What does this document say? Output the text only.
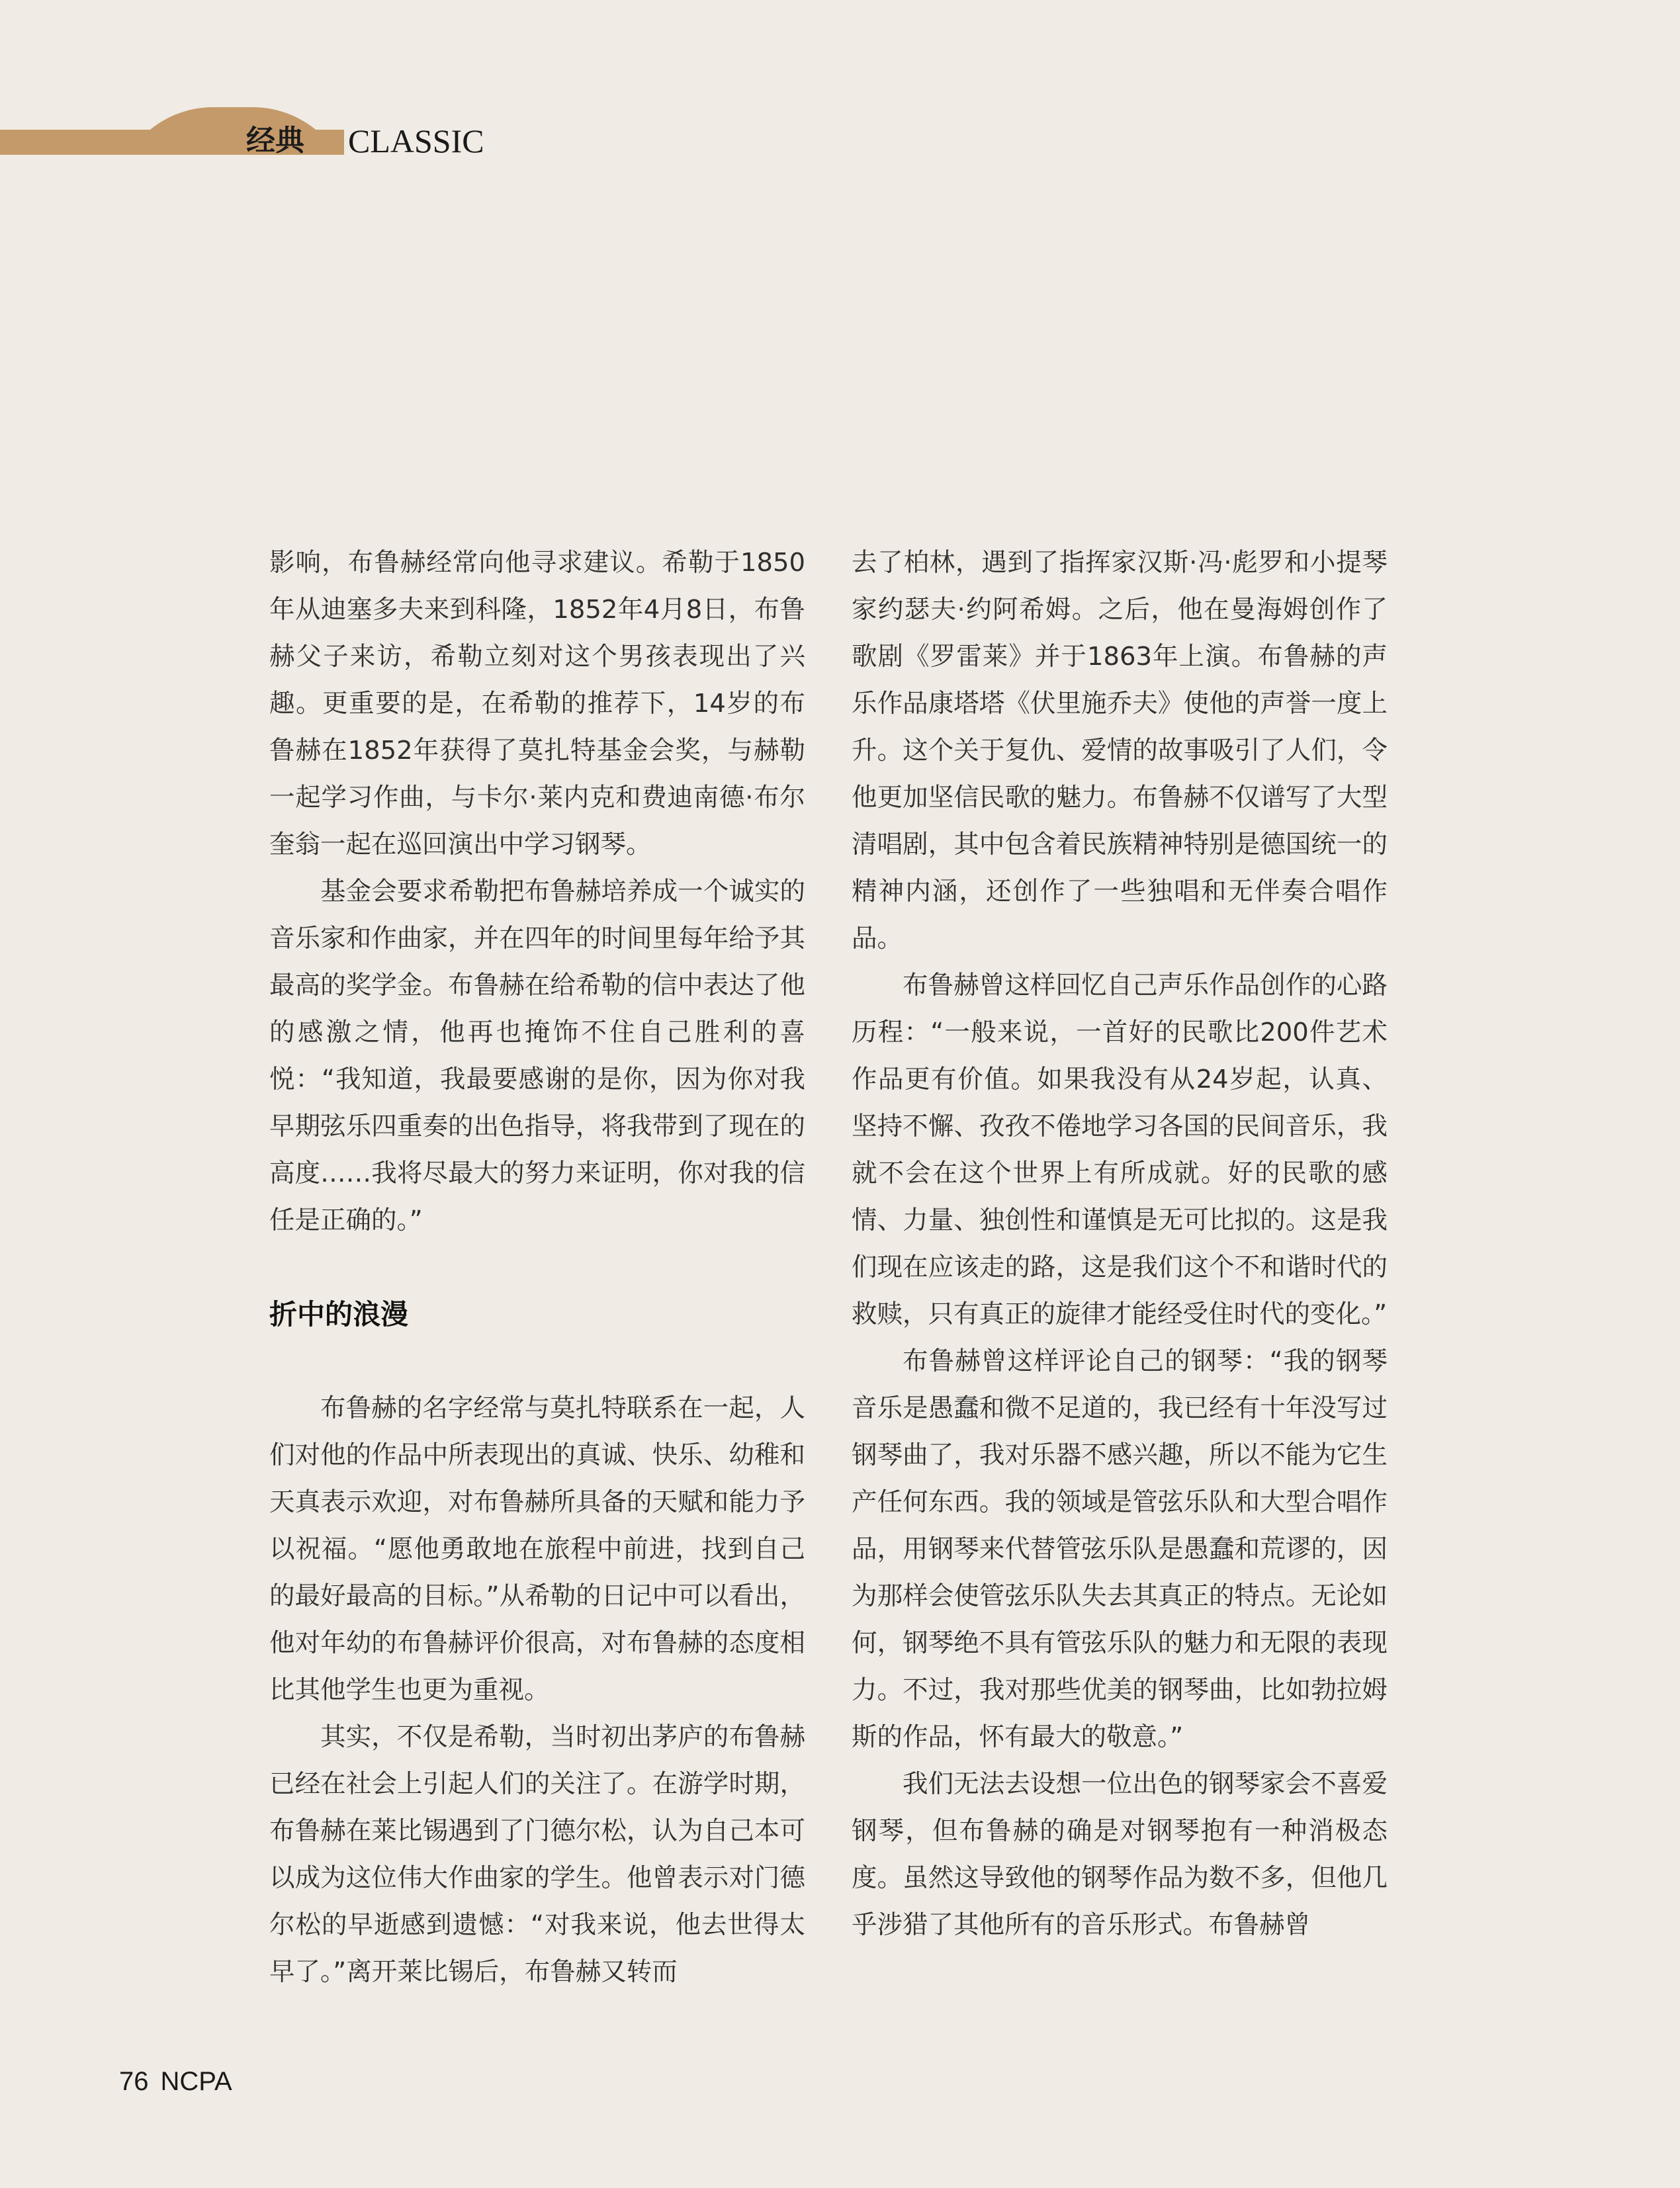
经典 CLASSIC

影响，布鲁赫经常向他寻求建议。希勒于1850年从迪塞多夫来到科隆，1852年4月8日，布鲁赫父子来访，希勒立刻对这个男孩表现出了兴趣。更重要的是，在希勒的推荐下，14岁的布鲁赫在1852年获得了莫扎特基金会奖，与赫勒一起学习作曲，与卡尔·莱内克和费迪南德·布尔奎翁一起在巡回演出中学习钢琴。

基金会要求希勒把布鲁赫培养成一个诚实的音乐家和作曲家，并在四年的时间里每年给予其最高的奖学金。布鲁赫在给希勒的信中表达了他的感激之情，他再也掩饰不住自己胜利的喜悦：“我知道，我最要感谢的是你，因为你对我早期弦乐四重奏的出色指导，将我带到了现在的高度……我将尽最大的努力来证明，你对我的信任是正确的。”

折中的浪漫

布鲁赫的名字经常与莫扎特联系在一起，人们对他的作品中所表现出的真诚、快乐、幼稚和天真表示欢迎，对布鲁赫所具备的天赋和能力予以祝福。“愿他勇敢地在旅程中前进，找到自己的最好最高的目标。”从希勒的日记中可以看出，他对年幼的布鲁赫评价很高，对布鲁赫的态度相比其他学生也更为重视。

其实，不仅是希勒，当时初出茅庐的布鲁赫已经在社会上引起人们的关注了。在游学时期，布鲁赫在莱比锡遇到了门德尔松，认为自己本可以成为这位伟大作曲家的学生。他曾表示对门德尔松的早逝感到遗憾：“对我来说，他去世得太早了。”离开莱比锡后，布鲁赫又转而

去了柏林，遇到了指挥家汉斯·冯·彪罗和小提琴家约瑟夫·约阿希姆。之后，他在曼海姆创作了歌剧《罗雷莱》并于1863年上演。布鲁赫的声乐作品康塔塔《伏里施乔夫》使他的声誉一度上升。这个关于复仇、爱情的故事吸引了人们，令他更加坚信民歌的魅力。布鲁赫不仅谱写了大型清唱剧，其中包含着民族精神特别是德国统一的精神内涵，还创作了一些独唱和无伴奏合唱作品。

布鲁赫曾这样回忆自己声乐作品创作的心路历程：“一般来说，一首好的民歌比200件艺术作品更有价值。如果我没有从24岁起，认真、坚持不懈、孜孜不倦地学习各国的民间音乐，我就不会在这个世界上有所成就。好的民歌的感情、力量、独创性和谨慎是无可比拟的。这是我们现在应该走的路，这是我们这个不和谐时代的救赎，只有真正的旋律才能经受住时代的变化。”

布鲁赫曾这样评论自己的钢琴：“我的钢琴音乐是愚蠢和微不足道的，我已经有十年没写过钢琴曲了，我对乐器不感兴趣，所以不能为它生产任何东西。我的领域是管弦乐队和大型合唱作品，用钢琴来代替管弦乐队是愚蠢和荒谬的，因为那样会使管弦乐队失去其真正的特点。无论如何，钢琴绝不具有管弦乐队的魅力和无限的表现力。不过，我对那些优美的钢琴曲，比如勃拉姆斯的作品，怀有最大的敬意。”

我们无法去设想一位出色的钢琴家会不喜爱钢琴，但布鲁赫的确是对钢琴抱有一种消极态度。虽然这导致他的钢琴作品为数不多，但他几乎涉猎了其他所有的音乐形式。布鲁赫曾

76 NCPA
